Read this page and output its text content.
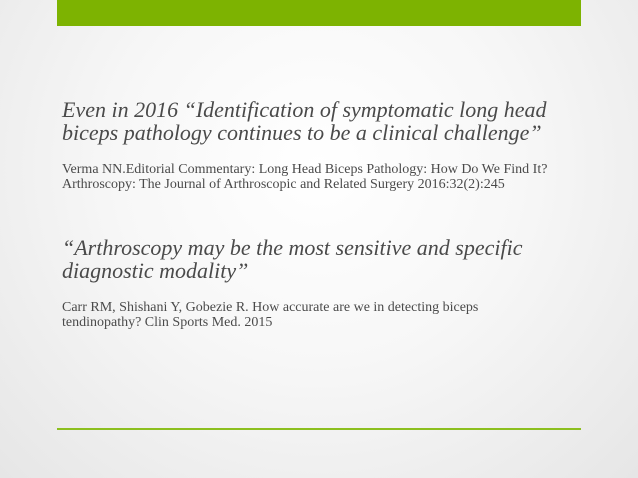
Even in 2016 “Identification of symptomatic long head
biceps pathology continues to be a clinical challenge”

Verma NN.Editorial Commentary: Long Head Biceps Pathology: How Do We Find It?
Arthroscopy: The Journal of Arthroscopic and Related Surgery 2016:32(2):245

“Arthroscopy may be the most sensitive and specific
diagnostic modality”

Carr RM, Shishani Y, Gobezie R. How accurate are we in detecting biceps
tendinopathy? Clin Sports Med. 2015
